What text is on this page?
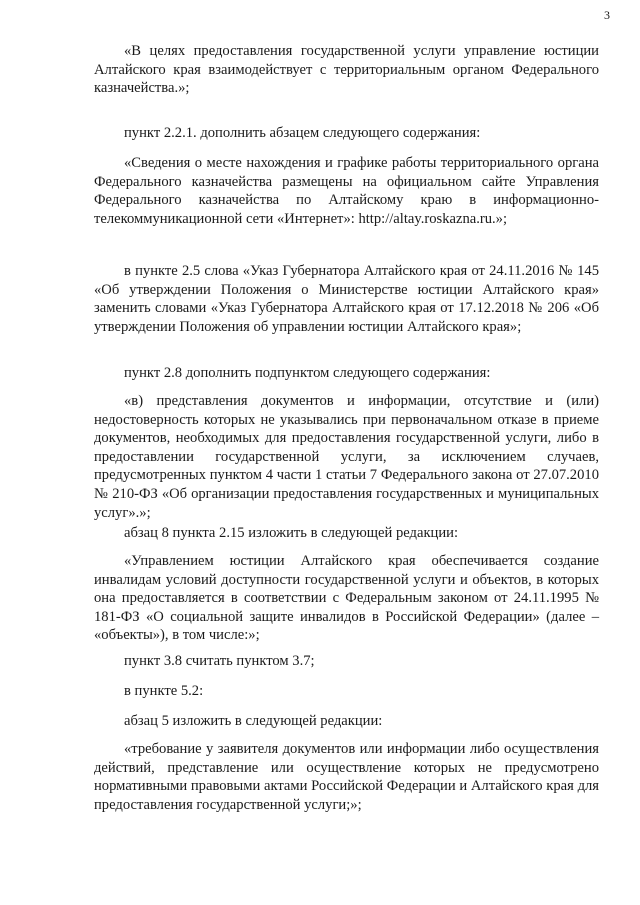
3

«В целях предоставления государственной услуги управление юстиции Алтайского края взаимодействует с территориальным органом Федерального казначейства.»;

пункт 2.2.1. дополнить абзацем следующего содержания:

«Сведения о месте нахождения и графике работы территориального органа Федерального казначейства размещены на официальном сайте Управления Федерального казначейства по Алтайскому краю в информационно-телекоммуникационной сети «Интернет»: http://altay.roskazna.ru.»;

в пункте 2.5 слова «Указ Губернатора Алтайского края от 24.11.2016 № 145 «Об утверждении Положения о Министерстве юстиции Алтайского края» заменить словами «Указ Губернатора Алтайского края от 17.12.2018 № 206 «Об утверждении Положения об управлении юстиции Алтайского края»;

пункт 2.8 дополнить подпунктом следующего содержания:

«в) представления документов и информации, отсутствие и (или) недостоверность которых не указывались при первоначальном отказе в приеме документов, необходимых для предоставления государственной услуги, либо в предоставлении государственной услуги, за исключением случаев, предусмотренных пунктом 4 части 1 статьи 7 Федерального закона от 27.07.2010 № 210-ФЗ «Об организации предоставления государственных и муниципальных услуг».»;

абзац 8 пункта 2.15 изложить в следующей редакции:

«Управлением юстиции Алтайского края обеспечивается создание инвалидам условий доступности государственной услуги и объектов, в которых она предоставляется в соответствии с Федеральным законом от 24.11.1995 № 181-ФЗ «О социальной защите инвалидов в Российской Федерации» (далее – «объекты»), в том числе:»;

пункт 3.8 считать пунктом 3.7;

в пункте 5.2:

абзац 5 изложить в следующей редакции:

«требование у заявителя документов или информации либо осуществления действий, представление или осуществление которых не предусмотрено нормативными правовыми актами Российской Федерации и Алтайского края для предоставления государственной услуги;»;
